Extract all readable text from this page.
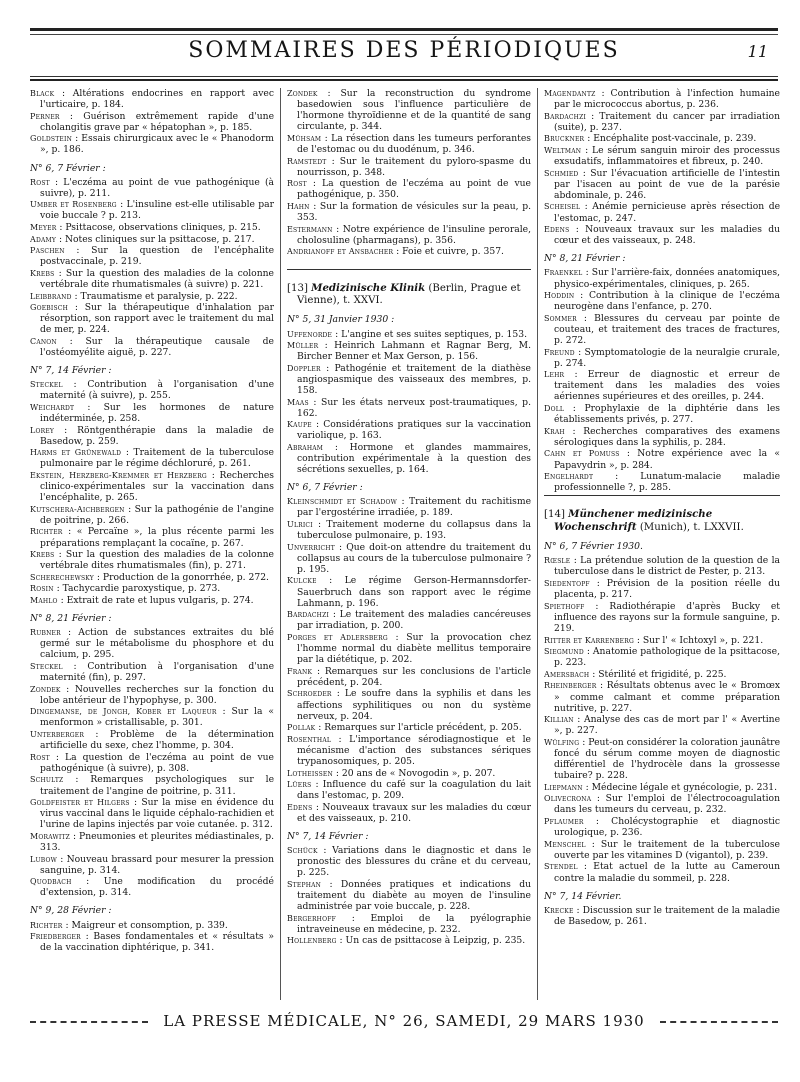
SOMMAIRES DES PÉRIODIQUES	11

Black : Altérations endocrines en rapport avec l'urticaire, p. 184.

Perner : Guérison extrêmement rapide d'une cholangitis grave par « hépatophan », p. 185.

Goldstein : Essais chirurgicaux avec le « Phanodorm », p. 186.

N° 6, 7 Février :

Rost : L'eczéma au point de vue pathogénique (à suivre), p. 211.

Umber et Rosenberg : L'insuline est-elle utilisable par voie buccale ? p. 213.

Meyer : Psittacose, observations cliniques, p. 215.

Adamy : Notes cliniques sur la psittacose, p. 217.

Paschen : Sur la question de l'encéphalite postvaccinale, p. 219.

Krebs : Sur la question des maladies de la colonne vertébrale dite rhumatismales (à suivre) p. 221.

Leibbrand : Traumatisme et paralysie, p. 222.

Goebisch : Sur la thérapeutique d'inhalation par résorption, son rapport avec le traitement du mal de mer, p. 224.

Canon : Sur la thérapeutique causale de l'ostéomyélite aiguë, p. 227.

N° 7, 14 Février :

Steckel : Contribution à l'organisation d'une maternité (à suivre), p. 255.

Weichardt : Sur les hormones de nature indéterminée, p. 258.

Lorey : Röntgenthérapie dans la maladie de Basedow, p. 259.

Harms et Grünewald : Traitement de la tuberculose pulmonaire par le régime déchloruré, p. 261.

Ekstein, Herzberg-Kremmer et Herzberg : Recherches clinico-expérimentales sur la vaccination dans l'encéphalite, p. 265.

Kutschera-Aichbergen : Sur la pathogénie de l'angine de poitrine, p. 266.

Richter : « Percaïne », la plus récente parmi les préparations remplaçant la cocaïne, p. 267.

Krebs : Sur la question des maladies de la colonne vertébrale dites rhumatismales (fin), p. 271.

Scherechewsky : Production de la gonorrhée, p. 272.

Rosin : Tachycardie paroxystique, p. 273.

Mahlo : Extrait de rate et lupus vulgaris, p. 274.

N° 8, 21 Février :

Rubner : Action de substances extraites du blé germé sur le métabolisme du phosphore et du calcium, p. 295.

Steckel : Contribution à l'organisation d'une maternité (fin), p. 297.

Zondek : Nouvelles recherches sur la fonction du lobe antérieur de l'hypophyse, p. 300.

Dingemanse, de Jongh, Kober et Laqueur : Sur la « menformon » cristallisable, p. 301.

Unterberger : Problème de la détermination artificielle du sexe, chez l'homme, p. 304.

Rost : La question de l'eczéma au point de vue pathogénique (à suivre), p. 308.

Schultz : Remarques psychologiques sur le traitement de l'angine de poitrine, p. 311.

Goldfeister et Hilgers : Sur la mise en évidence du virus vaccinal dans le liquide céphalo-rachidien et l'urine de lapins injectés par voie cutanée. p. 312.

Morawitz : Pneumonies et pleurites médiastinales, p. 313.

Lubow : Nouveau brassard pour mesurer la pression sanguine, p. 314.

Quodbach : Une modification du procédé d'extension, p. 314.

N° 9, 28 Février :

Richter : Maigreur et consomption, p. 339.

Friedberger : Bases fondamentales et « résultats » de la vaccination diphtérique, p. 341.

Zondek : Sur la reconstruction du syndrome basedowien sous l'influence particulière de l'hormone thyroïdienne et de la quantité de sang circulante, p. 344.

Mühsam : La résection dans les tumeurs perforantes de l'estomac ou du duodénum, p. 346.

Ramstedt : Sur le traitement du pyloro-spasme du nourrisson, p. 348.

Rost : La question de l'eczéma au point de vue pathogénique, p. 350.

Hahn : Sur la formation de vésicules sur la peau, p. 353.

Estermann : Notre expérience de l'insuline perorale, cholosuline (pharmagans), p. 356.

Andrianoff et Ansbacher : Foie et cuivre, p. 357.

[13] Medizinische Klinik (Berlin, Prague et Vienne), t. XXVI.
N° 5, 31 Janvier 1930 :

Uffenorde : L'angine et ses suites septiques, p. 153.

Müller : Heinrich Lahmann et Ragnar Berg, M. Bircher Benner et Max Gerson, p. 156.

Doppler : Pathogénie et traitement de la diathèse angiospasmique des vaisseaux des membres, p. 158.

Maas : Sur les états nerveux post-traumatiques, p. 162.

Kaupe : Considérations pratiques sur la vaccination variolique, p. 163.

Abraham : Hormone et glandes mammaires, contribution expérimentale à la question des sécrétions sexuelles, p. 164.

N° 6, 7 Février :

Kleinschmidt et Schadow : Traitement du rachitisme par l'ergostérine irradiée, p. 189.

Ulrici : Traitement moderne du collapsus dans la tuberculose pulmonaire, p. 193.

Unverricht : Que doit-on attendre du traitement du collapsus au cours de la tuberculose pulmonaire ? p. 195.

Kulcke : Le régime Gerson-Hermannsdorfer-Sauerbruch dans son rapport avec le régime Lahmann, p. 196.

Bardachzi : Le traitement des maladies cancéreuses par irradiation, p. 200.

Porges et Adlersberg : Sur la provocation chez l'homme normal du diabète mellitus temporaire par la diététique, p. 202.

Frank : Remarques sur les conclusions de l'article précédent, p. 204.

Schroeder : Le soufre dans la syphilis et dans les affections syphilitiques ou non du système nerveux, p. 204.

Pollak : Remarques sur l'article précédent, p. 205.

Rosenthal : L'importance sérodiagnostique et le mécanisme d'action des substances sériques trypanosomiques, p. 205.

Lotheissen : 20 ans de « Novogodin », p. 207.

Lüers : Influence du café sur la coagulation du lait dans l'estomac, p. 209.

Edens : Nouveaux travaux sur les maladies du cœur et des vaisseaux, p. 210.

N° 7, 14 Février :

Schück : Variations dans le diagnostic et dans le pronostic des blessures du crâne et du cerveau, p. 225.

Stephan : Données pratiques et indications du traitement du diabète au moyen de l'insuline administrée par voie buccale, p. 228.

Bergerhoff : Emploi de la pyélographie intraveineuse en médecine, p. 232.

Hollenberg : Un cas de psittacose à Leipzig, p. 235.

Magendantz : Contribution à l'infection humaine par le micrococcus abortus, p. 236.

Bardachzi : Traitement du cancer par irradiation (suite), p. 237.

Bruckner : Encéphalite post-vaccinale, p. 239.

Weltman : Le sérum sanguin miroir des processus exsudatifs, inflammatoires et fibreux, p. 240.

Schmied : Sur l'évacuation artificielle de l'intestin par l'isacen au point de vue de la parésie abdominale, p. 246.

Scheisel : Anémie pernicieuse après résection de l'estomac, p. 247.

Edens : Nouveaux travaux sur les maladies du cœur et des vaisseaux, p. 248.

N° 8, 21 Février :

Fraenkel : Sur l'arrière-faix, données anatomiques, physico-expérimentales, cliniques, p. 265.

Hoddin : Contribution à la clinique de l'eczéma neurogène dans l'enfance, p. 270.

Sommer : Blessures du cerveau par pointe de couteau, et traitement des traces de fractures, p. 272.

Freund : Symptomatologie de la neuralgie crurale, p. 274.

Lehr : Erreur de diagnostic et erreur de traitement dans les maladies des voies aériennes supérieures et des oreilles, p. 244.

Doll : Prophylaxie de la diphtérie dans les établissements privés, p. 277.

Krah : Recherches comparatives des examens sérologiques dans la syphilis, p. 284.

Cahn et Pomuss : Notre expérience avec la « Papavydrin », p. 284.

Engelhardt : Lunatum-malacie maladie professionnelle ?, p. 285.

[14] Münchener medizinische Wochenschrift (Munich), t. LXXVII.
N° 6, 7 Février 1930.

Rœsle : La prétendue solution de la question de la tuberculose dans le district de Pester, p. 213.

Siedentopf : Prévision de la position réelle du placenta, p. 217.

Spiethoff : Radiothérapie d'après Bucky et influence des rayons sur la formule sanguine, p. 219.

Ritter et Karrenberg : Sur l' « Ichtoxyl », p. 221.

Siegmund : Anatomie pathologique de la psittacose, p. 223.

Amersbach : Stérilité et frigidité, p. 225.

Rheinberger : Résultats obtenus avec le « Bromœx » comme calmant et comme préparation nutritive, p. 227.

Killian : Analyse des cas de mort par l' « Avertine », p. 227.

Wülfing : Peut-on considérer la coloration jaunâtre foncé du sérum comme moyen de diagnostic différentiel de l'hydrocèle dans la grossesse tubaire? p. 228.

Liepmann : Médecine légale et gynécologie, p. 231.

Olivecrona : Sur l'emploi de l'électrocoagulation dans les tumeurs du cerveau, p. 232.

Pflaumer : Cholécystographie et diagnostic urologique, p. 236.

Menschel : Sur le traitement de la tuberculose ouverte par les vitamines D (vigantol), p. 239.

Stendel : Etat actuel de la lutte au Cameroun contre la maladie du sommeil, p. 228.

N° 7, 14 Février.

Krecke : Discussion sur le traitement de la maladie de Basedow, p. 261.

LA PRESSE MÉDICALE, N° 26, SAMEDI, 29 MARS 1930
